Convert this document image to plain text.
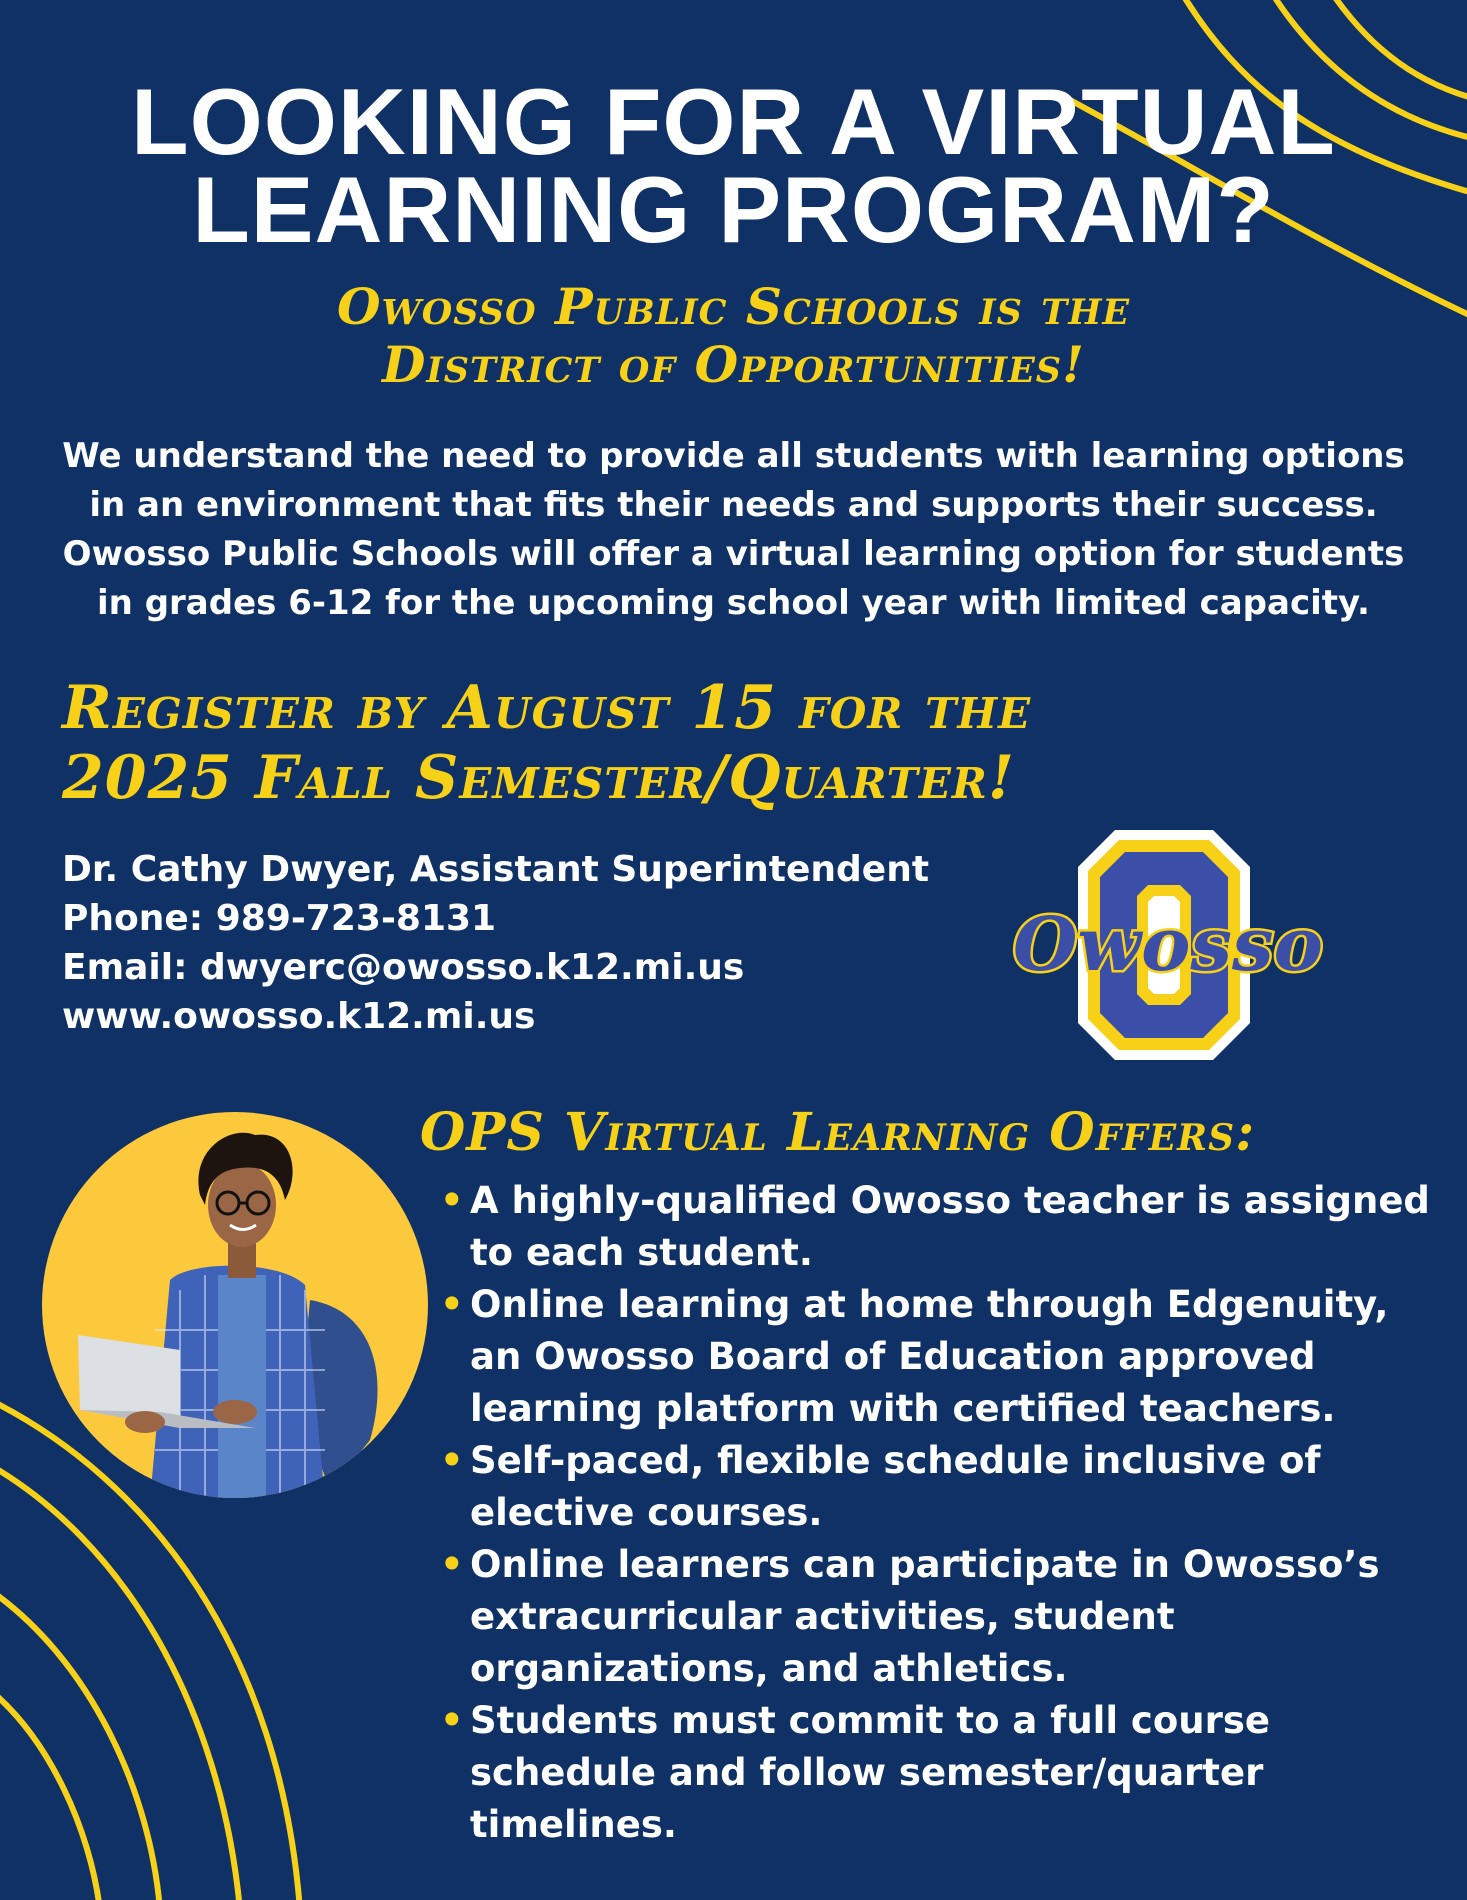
LOOKING FOR A VIRTUAL
LEARNING PROGRAM?
Owosso Public Schools is the
District of Opportunities!
We understand the need to provide all students with learning options
in an environment that fits their needs and supports their success.
Owosso Public Schools will offer a virtual learning option for students
in grades 6-12 for the upcoming school year with limited capacity.
Register by August 15 for the
2025 Fall Semester/Quarter!
Dr. Cathy Dwyer, Assistant Superintendent
Phone: 989-723-8131
Email: dwyerc@owosso.k12.mi.us
www.owosso.k12.mi.us
Owosso
OPS Virtual Learning Offers:
• A highly-qualified Owosso teacher is assigned to each student.
• Online learning at home through Edgenuity, an Owosso Board of Education approved learning platform with certified teachers.
• Self-paced, flexible schedule inclusive of elective courses.
• Online learners can participate in Owosso’s extracurricular activities, student organizations, and athletics.
• Students must commit to a full course schedule and follow semester/quarter timelines.
